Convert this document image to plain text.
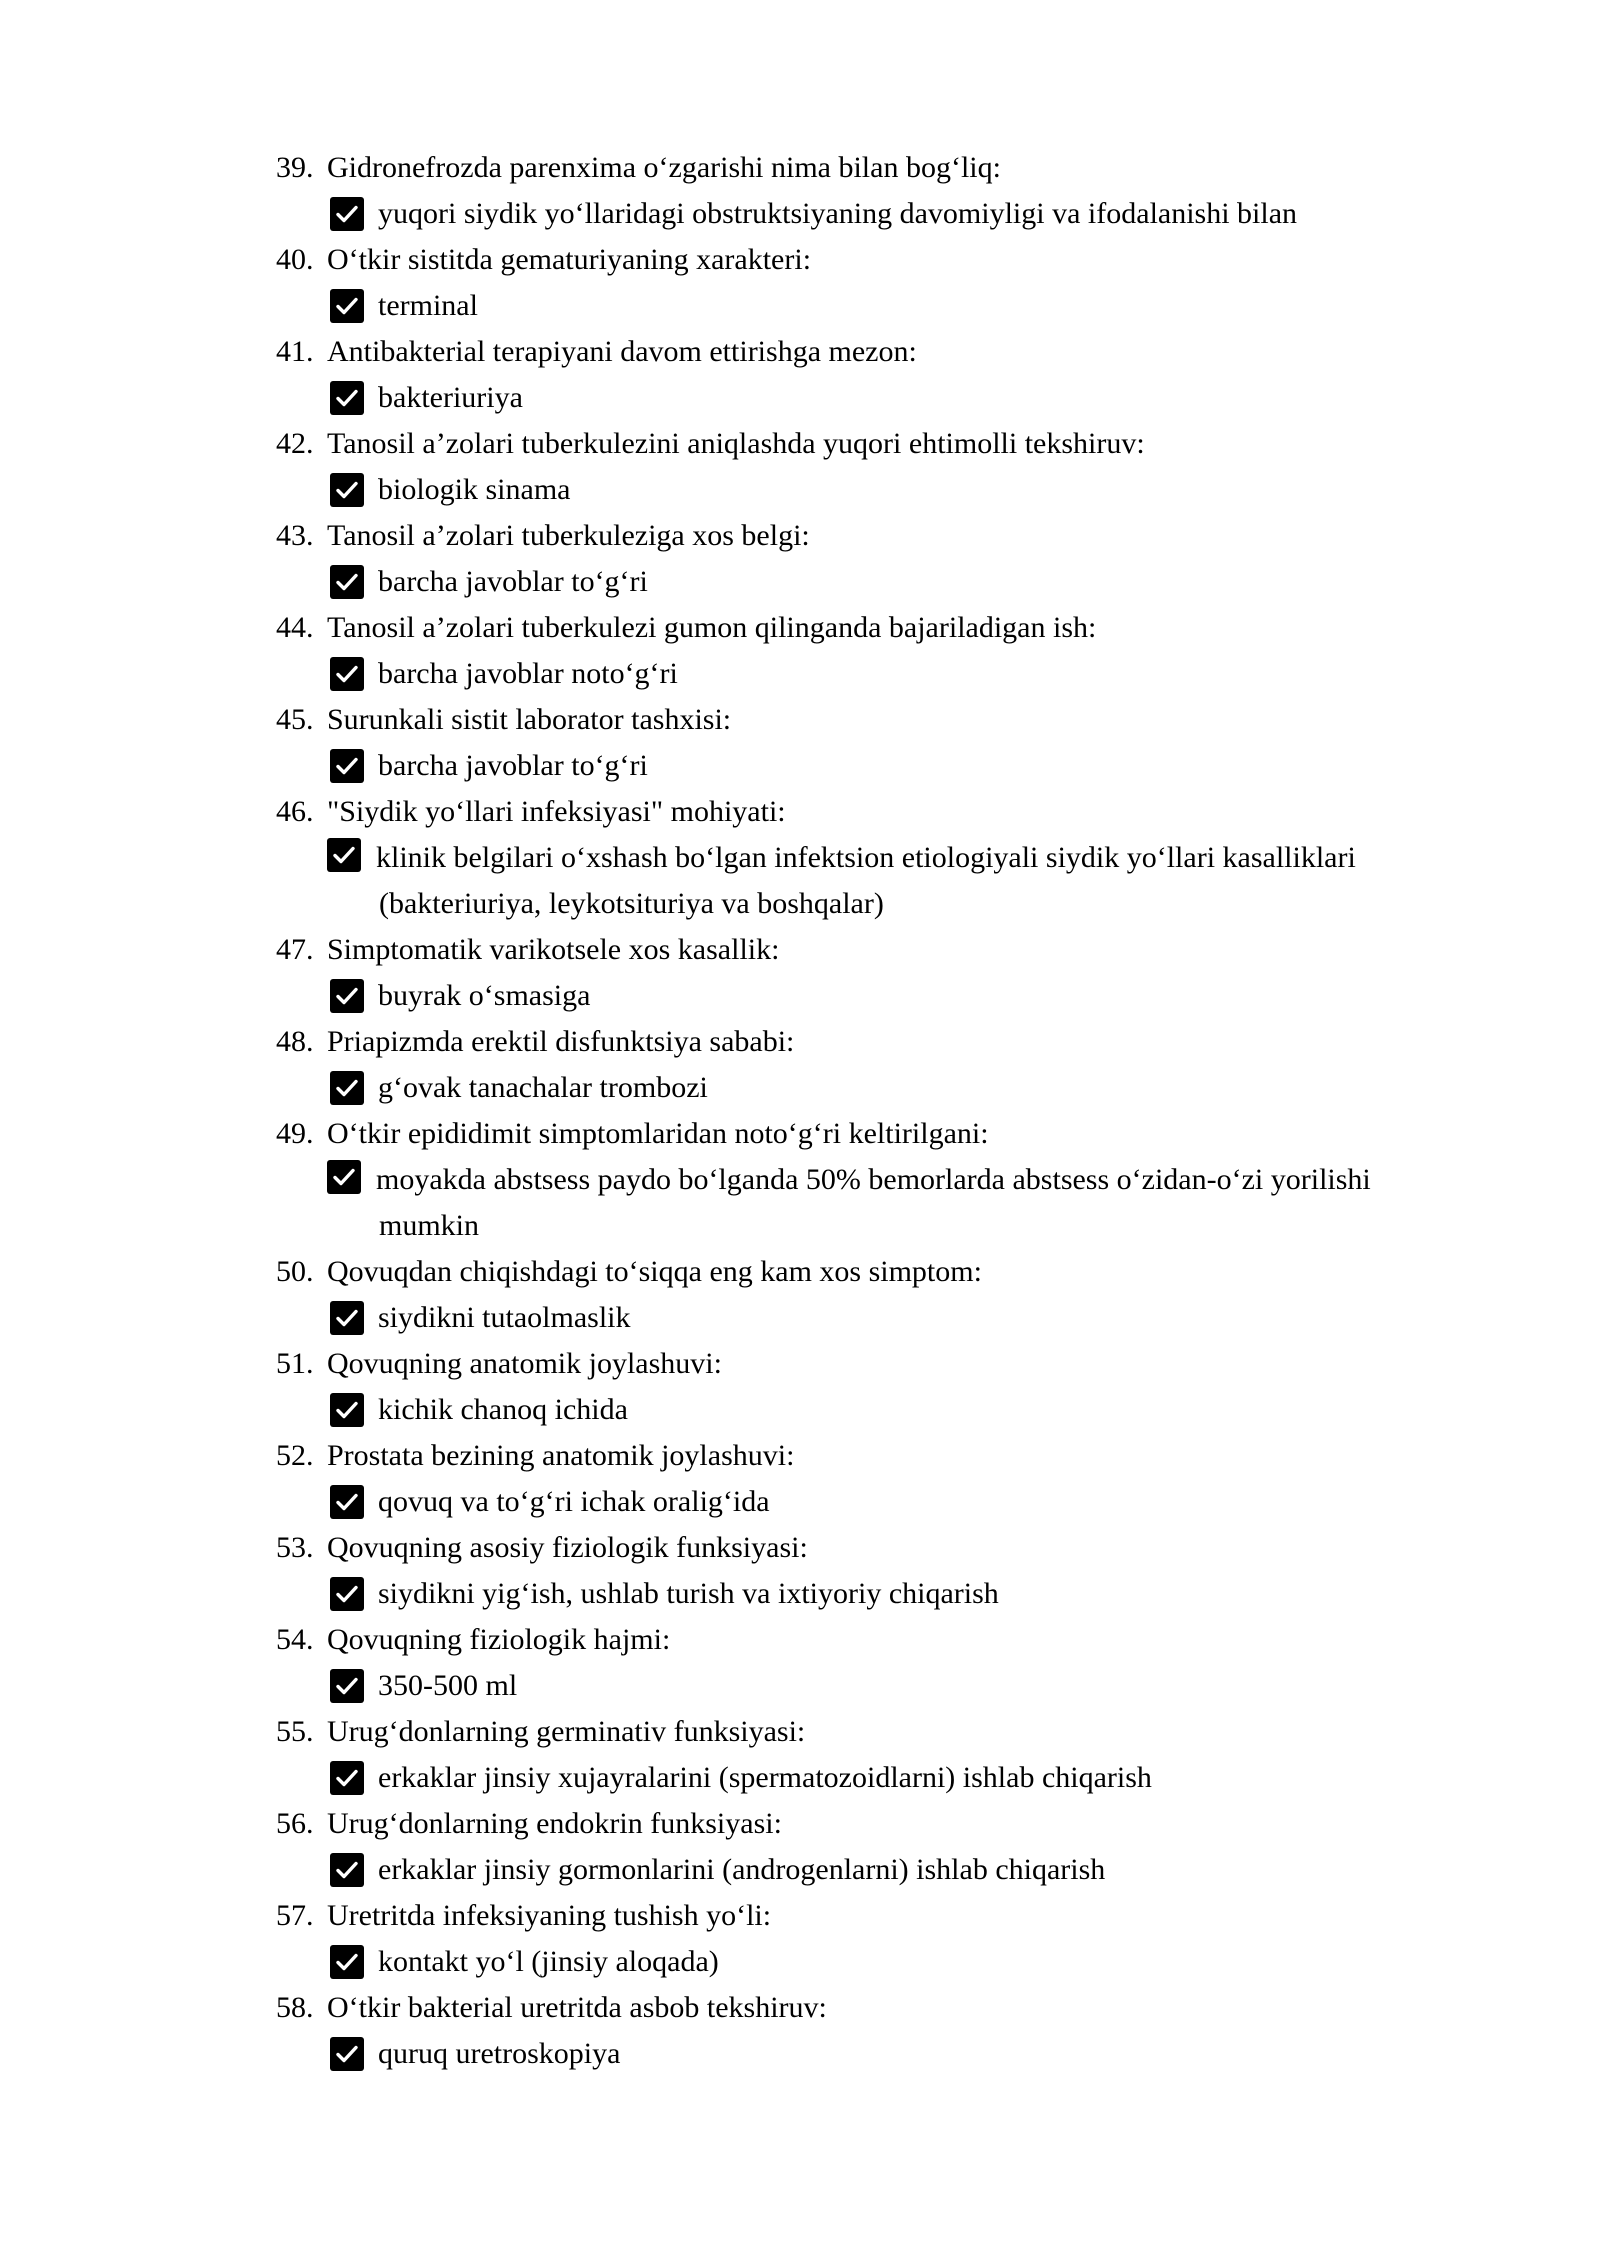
39. Gidronefrozda parenxima o‘zgarishi nima bilan bog‘liq:
yuqori siydik yo‘llaridagi obstruktsiyaning davomiyligi va ifodalanishi bilan
40. O‘tkir sistitda gematuriyaning xarakteri:
terminal
41. Antibakterial terapiyani davom ettirishga mezon:
bakteriuriya
42. Tanosil a’zolari tuberkulezini aniqlashda yuqori ehtimolli tekshiruv:
biologik sinama
43. Tanosil a’zolari tuberkuleziga xos belgi:
barcha javoblar to‘g‘ri
44. Tanosil a’zolari tuberkulezi gumon qilinganda bajariladigan ish:
barcha javoblar noto‘g‘ri
45. Surunkali sistit laborator tashxisi:
barcha javoblar to‘g‘ri
46. "Siydik yo‘llari infeksiyasi" mohiyati:
klinik belgilari o‘xshash bo‘lgan infektsion etiologiyali siydik yo‘llari kasalliklari (bakteriuriya, leykotsituriya va boshqalar)
47. Simptomatik varikotsele xos kasallik:
buyrak o‘smasiga
48. Priapizmda erektil disfunktsiya sababi:
g‘ovak tanachalar trombozi
49. O‘tkir epididimit simptomlaridan noto‘g‘ri keltirilgani:
moyakda abstsess paydo bo‘lganda 50% bemorlarda abstsess o‘zidan-o‘zi yorilishi mumkin
50. Qovuqdan chiqishdagi to‘siqqa eng kam xos simptom:
siydikni tutaolmaslik
51. Qovuqning anatomik joylashuvi:
kichik chanoq ichida
52. Prostata bezining anatomik joylashuvi:
qovuq va to‘g‘ri ichak oralig‘ida
53. Qovuqning asosiy fiziologik funksiyasi:
siydikni yig‘ish, ushlab turish va ixtiyoriy chiqarish
54. Qovuqning fiziologik hajmi:
350-500 ml
55. Urug‘donlarning germinativ funksiyasi:
erkaklar jinsiy xujayralarini (spermatozoidlarni) ishlab chiqarish
56. Urug‘donlarning endokrin funksiyasi:
erkaklar jinsiy gormonlarini (androgenlarni) ishlab chiqarish
57. Uretritda infeksiyaning tushish yo‘li:
kontakt yo‘l (jinsiy aloqada)
58. O‘tkir bakterial uretritda asbob tekshiruv:
quruq uretroskopiya
